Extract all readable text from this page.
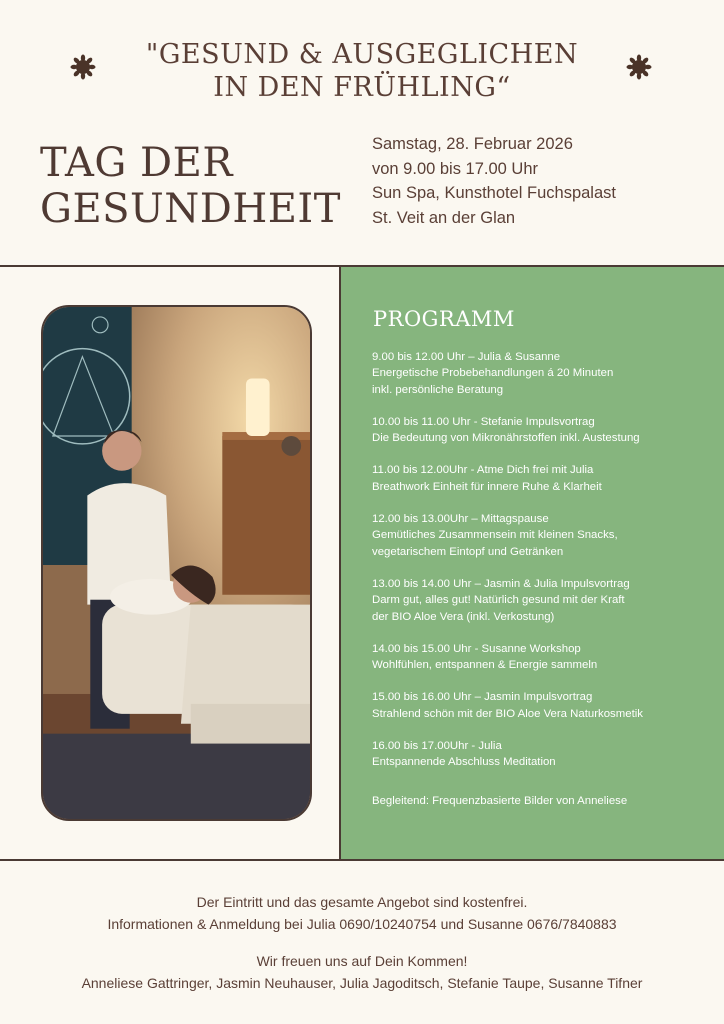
"GESUND & AUSGEGLICHEN
IN DEN FRÜHLING“
TAG DER
GESUNDHEIT
Samstag, 28. Februar 2026
von 9.00 bis 17.00 Uhr
Sun Spa, Kunsthotel Fuchspalast
St. Veit an der Glan
PROGRAMM
9.00 bis 12.00 Uhr – Julia & Susanne
Energetische Probebehandlungen á 20 Minuten
inkl. persönliche Beratung
10.00 bis 11.00 Uhr - Stefanie Impulsvortrag
Die Bedeutung von Mikronährstoffen inkl. Austestung
11.00 bis 12.00Uhr - Atme Dich frei mit Julia
Breathwork Einheit für innere Ruhe & Klarheit
12.00 bis 13.00Uhr – Mittagspause
Gemütliches Zusammensein mit kleinen Snacks,
vegetarischem Eintopf und Getränken
13.00 bis 14.00 Uhr – Jasmin & Julia Impulsvortrag
Darm gut, alles gut! Natürlich gesund mit der Kraft
der BIO Aloe Vera (inkl. Verkostung)
14.00 bis 15.00 Uhr - Susanne Workshop
Wohlfühlen, entspannen & Energie sammeln
15.00 bis 16.00 Uhr – Jasmin Impulsvortrag
Strahlend schön mit der BIO Aloe Vera Naturkosmetik
16.00 bis 17.00Uhr - Julia
Entspannende Abschluss Meditation
Begleitend: Frequenzbasierte Bilder von Anneliese
Der Eintritt und das gesamte Angebot sind kostenfrei.
Informationen & Anmeldung bei Julia 0690/10240754 und Susanne 0676/7840883
Wir freuen uns auf Dein Kommen!
Anneliese Gattringer, Jasmin Neuhauser, Julia Jagoditsch, Stefanie Taupe, Susanne Tifner
